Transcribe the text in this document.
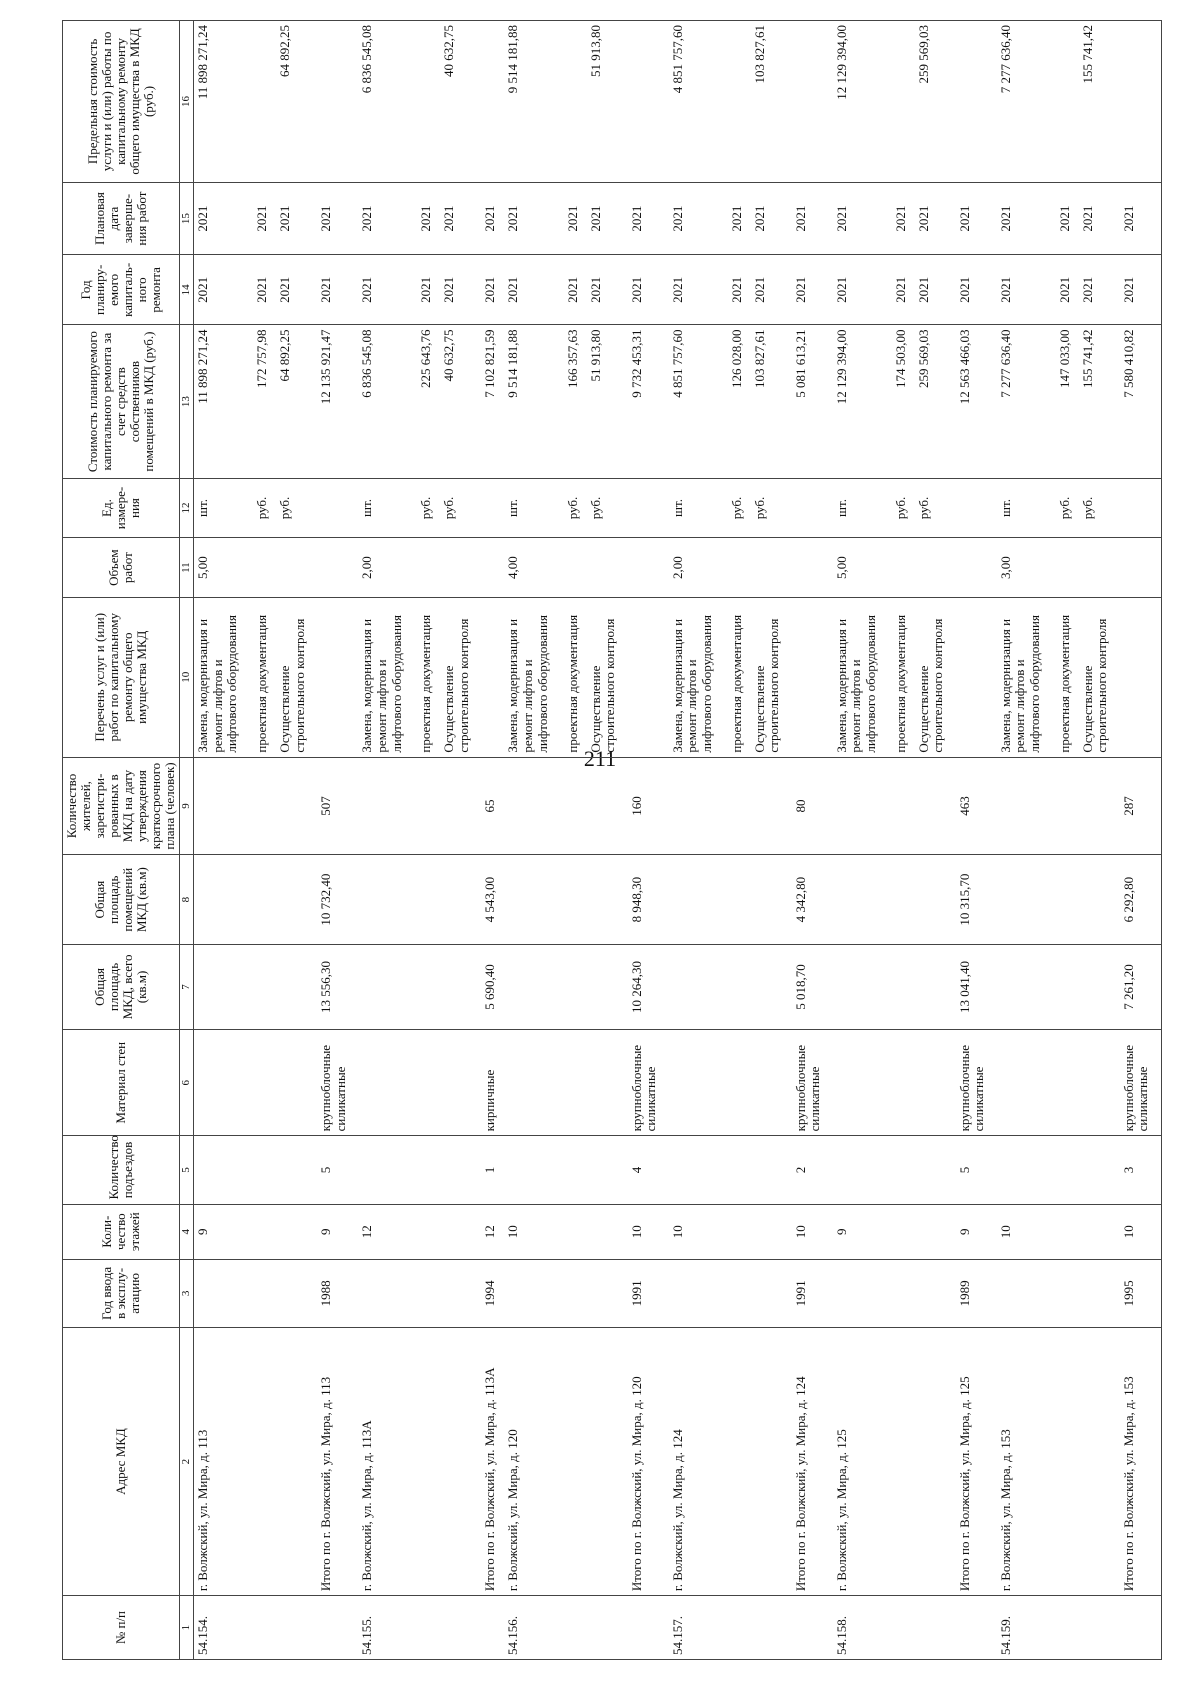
211
№ п/п	Адрес МКД	Год ввода в эксплу-атацию	Коли-чество этажей	Количество подъездов	Материал стен	Общая площадь МКД, всего (кв.м)	Общая площадь помещений МКД (кв.м)	Количество жителей, зарегистри-рованных в МКД на дату утверждения краткосрочного плана (человек)	Перечень услуг и (или) работ по капитальному ремонту общего имущества МКД	Объем работ	Ед. измере-ния	Стоимость планируемого капитального ремонта за счет средств собственников помещений в МКД (руб.)	Год планиру-емого капиталь-ного ремонта	Плановая дата заверше-ния работ	Предельная стоимость услуги и (или) работы по капитальному ремонту общего имущества в МКД (руб.)
1	2	3	4	5	6	7	8	9	10	11	12	13	14	15	16
54.154.	г. Волжский, ул. Мира, д. 113		9						Замена, модернизация и ремонт лифтов и лифтового оборудования	5,00	шт.	11 898 271,24	2021	2021	11 898 271,24
									проектная документация		руб.	172 757,98	2021	2021	
									Осуществление строительного контроля		руб.	64 892,25	2021	2021	64 892,25
	Итого по г. Волжский, ул. Мира, д. 113	1988	9	5	крупноблочные силикатные	13 556,30	10 732,40	507				12 135 921,47	2021	2021	
54.155.	г. Волжский, ул. Мира, д. 113А		12						Замена, модернизация и ремонт лифтов и лифтового оборудования	2,00	шт.	6 836 545,08	2021	2021	6 836 545,08
									проектная документация		руб.	225 643,76	2021	2021	
									Осуществление строительного контроля		руб.	40 632,75	2021	2021	40 632,75
	Итого по г. Волжский, ул. Мира, д. 113А	1994	12	1	кирпичные	5 690,40	4 543,00	65				7 102 821,59	2021	2021	
54.156.	г. Волжский, ул. Мира, д. 120		10						Замена, модернизация и ремонт лифтов и лифтового оборудования	4,00	шт.	9 514 181,88	2021	2021	9 514 181,88
									проектная документация		руб.	166 357,63	2021	2021	
									Осуществление строительного контроля		руб.	51 913,80	2021	2021	51 913,80
	Итого по г. Волжский, ул. Мира, д. 120	1991	10	4	крупноблочные силикатные	10 264,30	8 948,30	160				9 732 453,31	2021	2021	
54.157.	г. Волжский, ул. Мира, д. 124		10						Замена, модернизация и ремонт лифтов и лифтового оборудования	2,00	шт.	4 851 757,60	2021	2021	4 851 757,60
									проектная документация		руб.	126 028,00	2021	2021	
									Осуществление строительного контроля		руб.	103 827,61	2021	2021	103 827,61
	Итого по г. Волжский, ул. Мира, д. 124	1991	10	2	крупноблочные силикатные	5 018,70	4 342,80	80				5 081 613,21	2021	2021	
54.158.	г. Волжский, ул. Мира, д. 125		9						Замена, модернизация и ремонт лифтов и лифтового оборудования	5,00	шт.	12 129 394,00	2021	2021	12 129 394,00
									проектная документация		руб.	174 503,00	2021	2021	
									Осуществление строительного контроля		руб.	259 569,03	2021	2021	259 569,03
	Итого по г. Волжский, ул. Мира, д. 125	1989	9	5	крупноблочные силикатные	13 041,40	10 315,70	463				12 563 466,03	2021	2021	
54.159.	г. Волжский, ул. Мира, д. 153		10						Замена, модернизация и ремонт лифтов и лифтового оборудования	3,00	шт.	7 277 636,40	2021	2021	7 277 636,40
									проектная документация		руб.	147 033,00	2021	2021	
									Осуществление строительного контроля		руб.	155 741,42	2021	2021	155 741,42
	Итого по г. Волжский, ул. Мира, д. 153	1995	10	3	крупноблочные силикатные	7 261,20	6 292,80	287				7 580 410,82	2021	2021	
